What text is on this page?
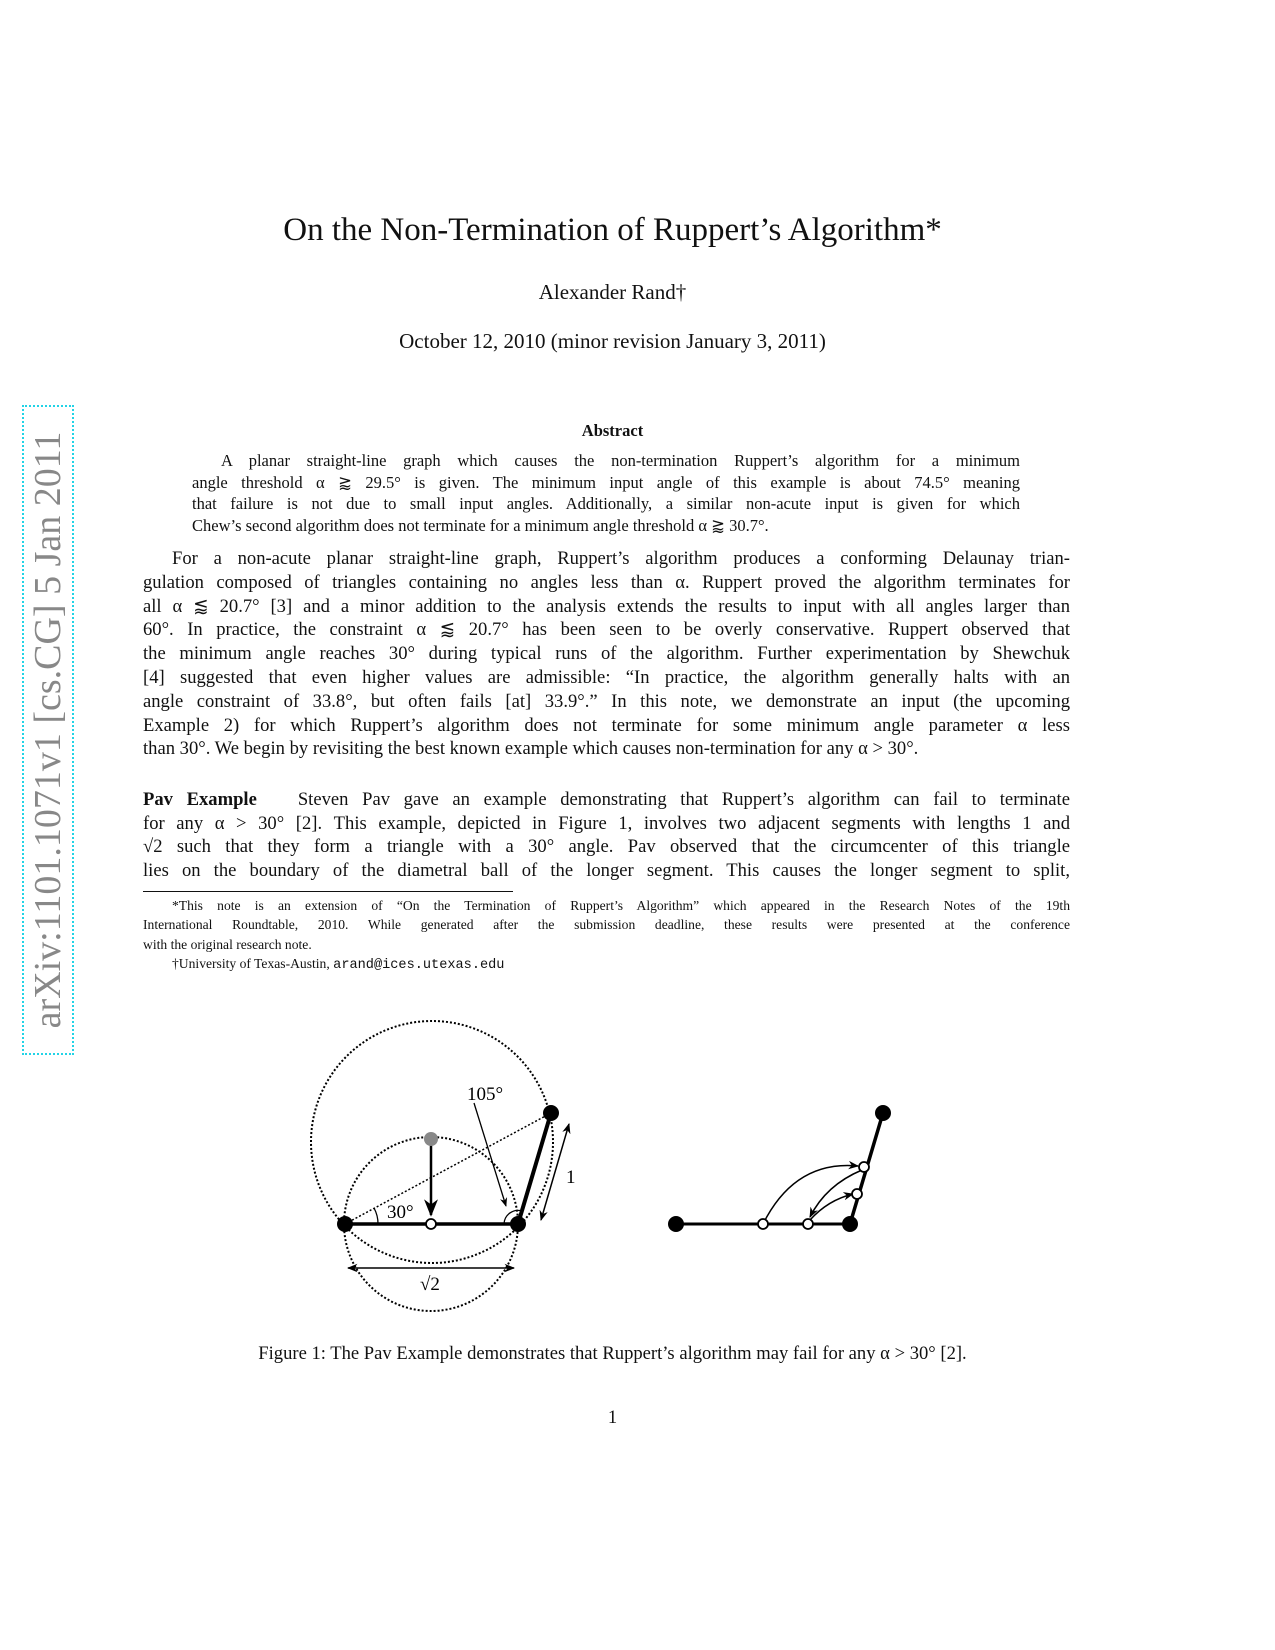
arXiv:1101.1071v1 [cs.CG] 5 Jan 2011
On the Non-Termination of Ruppert’s Algorithm*
Alexander Rand†
October 12, 2010 (minor revision January 3, 2011)
Abstract
A planar straight-line graph which causes the non-termination Ruppert’s algorithm for a minimum
angle threshold α ⪆ 29.5° is given. The minimum input angle of this example is about 74.5° meaning
that failure is not due to small input angles. Additionally, a similar non-acute input is given for which
Chew’s second algorithm does not terminate for a minimum angle threshold α ⪆ 30.7°.
For a non-acute planar straight-line graph, Ruppert’s algorithm produces a conforming Delaunay trian-
gulation composed of triangles containing no angles less than α. Ruppert proved the algorithm terminates for
all α ⪅ 20.7° [3] and a minor addition to the analysis extends the results to input with all angles larger than
60°. In practice, the constraint α ⪅ 20.7° has been seen to be overly conservative. Ruppert observed that
the minimum angle reaches 30° during typical runs of the algorithm. Further experimentation by Shewchuk
[4] suggested that even higher values are admissible: “In practice, the algorithm generally halts with an
angle constraint of 33.8°, but often fails [at] 33.9°.” In this note, we demonstrate an input (the upcoming
Example 2) for which Ruppert’s algorithm does not terminate for some minimum angle parameter α less
than 30°. We begin by revisiting the best known example which causes non-termination for any α > 30°.
Pav Example Steven Pav gave an example demonstrating that Ruppert’s algorithm can fail to terminate
for any α > 30° [2]. This example, depicted in Figure 1, involves two adjacent segments with lengths 1 and
√2 such that they form a triangle with a 30° angle. Pav observed that the circumcenter of this triangle
lies on the boundary of the diametral ball of the longer segment. This causes the longer segment to split,
*This note is an extension of “On the Termination of Ruppert’s Algorithm” which appeared in the Research Notes of the 19th
International Roundtable, 2010. While generated after the submission deadline, these results were presented at the conference
with the original research note.
†University of Texas-Austin, arand@ices.utexas.edu
105°
30°
1
√2
Figure 1: The Pav Example demonstrates that Ruppert’s algorithm may fail for any α > 30° [2].
1
